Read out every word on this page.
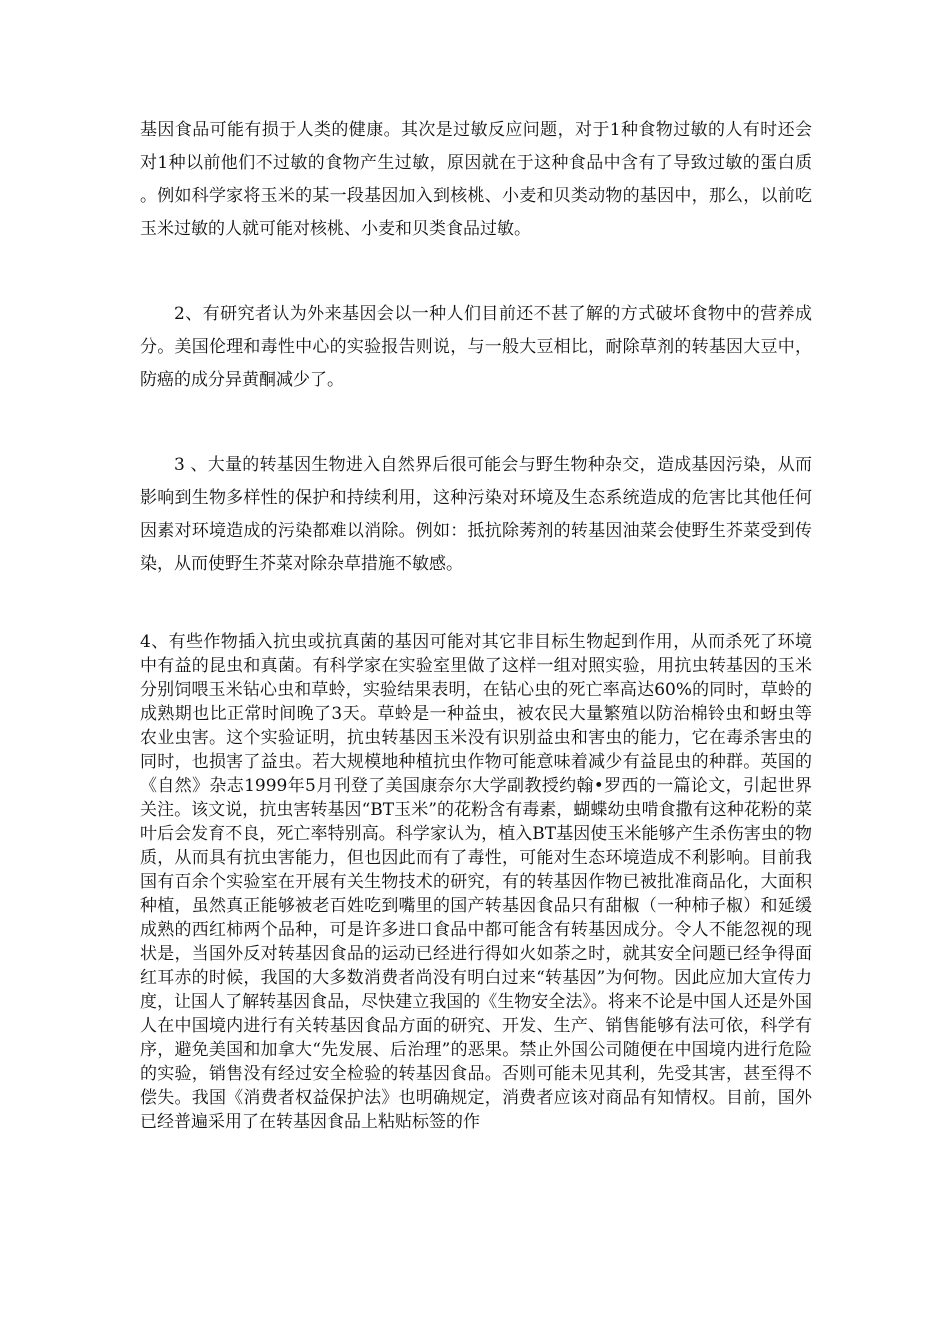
基因食品可能有损于人类的健康。其次是过敏反应问题，对于1种食物过敏的人有时还会对1种以前他们不过敏的食物产生过敏，原因就在于这种食品中含有了导致过敏的蛋白质。例如科学家将玉米的某一段基因加入到核桃、小麦和贝类动物的基因中，那么，以前吃玉米过敏的人就可能对核桃、小麦和贝类食品过敏。

2、有研究者认为外来基因会以一种人们目前还不甚了解的方式破坏食物中的营养成分。美国伦理和毒性中心的实验报告则说，与一般大豆相比，耐除草剂的转基因大豆中，防癌的成分异黄酮减少了。

3 、大量的转基因生物进入自然界后很可能会与野生物种杂交，造成基因污染，从而影响到生物多样性的保护和持续利用，这种污染对环境及生态系统造成的危害比其他任何因素对环境造成的污染都难以消除。例如：抵抗除莠剂的转基因油菜会使野生芥菜受到传染，从而使野生芥菜对除杂草措施不敏感。

4、有些作物插入抗虫或抗真菌的基因可能对其它非目标生物起到作用，从而杀死了环境中有益的昆虫和真菌。有科学家在实验室里做了这样一组对照实验，用抗虫转基因的玉米分别饲喂玉米钻心虫和草蛉，实验结果表明，在钻心虫的死亡率高达60%的同时，草蛉的成熟期也比正常时间晚了3天。草蛉是一种益虫，被农民大量繁殖以防治棉铃虫和蚜虫等农业虫害。这个实验证明，抗虫转基因玉米没有识别益虫和害虫的能力，它在毒杀害虫的同时，也损害了益虫。若大规模地种植抗虫作物可能意味着减少有益昆虫的种群。英国的《自然》杂志1999年5月刊登了美国康奈尔大学副教授约翰•罗西的一篇论文，引起世界关注。该文说，抗虫害转基因“BT玉米”的花粉含有毒素，蝴蝶幼虫啃食撒有这种花粉的菜叶后会发育不良，死亡率特别高。科学家认为，植入BT基因使玉米能够产生杀伤害虫的物质，从而具有抗虫害能力，但也因此而有了毒性，可能对生态环境造成不利影响。目前我国有百余个实验室在开展有关生物技术的研究，有的转基因作物已被批准商品化，大面积种植，虽然真正能够被老百姓吃到嘴里的国产转基因食品只有甜椒（一种柿子椒）和延缓成熟的西红柿两个品种，可是许多进口食品中都可能含有转基因成分。令人不能忽视的现状是，当国外反对转基因食品的运动已经进行得如火如荼之时，就其安全问题已经争得面红耳赤的时候，我国的大多数消费者尚没有明白过来“转基因”为何物。因此应加大宣传力度，让国人了解转基因食品，尽快建立我国的《生物安全法》。将来不论是中国人还是外国人在中国境内进行有关转基因食品方面的研究、开发、生产、销售能够有法可依，科学有序，避免美国和加拿大“先发展、后治理”的恶果。禁止外国公司随便在中国境内进行危险的实验，销售没有经过安全检验的转基因食品。否则可能未见其利，先受其害，甚至得不偿失。我国《消费者权益保护法》也明确规定，消费者应该对商品有知情权。目前，国外已经普遍采用了在转基因食品上粘贴标签的作
